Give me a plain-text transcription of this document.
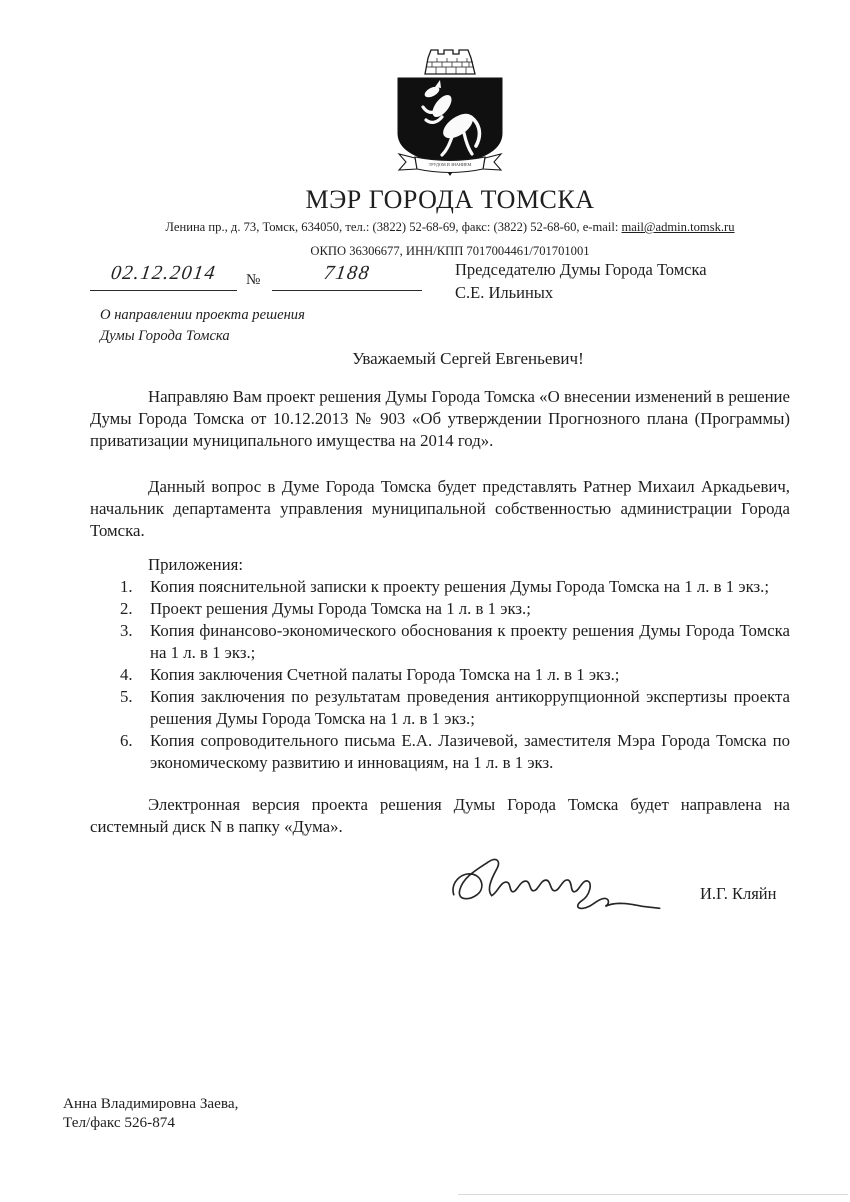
ТРУДОМ И ЗНАНИЕМ
МЭР ГОРОДА ТОМСКА
Ленина пр., д. 73, Томск, 634050, тел.: (3822) 52-68-69, факс: (3822) 52-68-60, e-mail: mail@admin.tomsk.ru
ОКПО 36306677, ИНН/КПП 7017004461/701701001
02.12.2014	№	7188	Председателю Думы Города Томска
С.Е. Ильиных
О направлении проекта решения
Думы Города Томска
Уважаемый Сергей Евгеньевич!

Направляю Вам проект решения Думы Города Томска «О внесении изменений в решение Думы Города Томска от 10.12.2013 № 903 «Об утверждении Прогнозного плана (Программы) приватизации муниципального имущества на 2014 год».

Данный вопрос в Думе Города Томска будет представлять Ратнер Михаил Аркадьевич, начальник департамента управления муниципальной собственностью администрации Города Томска.

Приложения:

Копия пояснительной записки к проекту решения Думы Города Томска на 1 л. в 1 экз.;
Проект решения Думы Города Томска на 1 л. в 1 экз.;
Копия финансово-экономического обоснования к проекту решения Думы Города Томска на 1 л. в 1 экз.;
Копия заключения Счетной палаты Города Томска на 1 л. в 1 экз.;
Копия заключения по результатам проведения антикоррупционной экспертизы проекта решения Думы Города Томска на 1 л. в 1 экз.;
Копия сопроводительного письма Е.А. Лазичевой, заместителя Мэра Города Томска по экономическому развитию и инновациям, на 1 л. в 1 экз.

Электронная версия проекта решения Думы Города Томска будет направлена на системный диск N в папку «Дума».

И.Г. Кляйн
Анна Владимировна Заева,
Тел/факс 526-874
